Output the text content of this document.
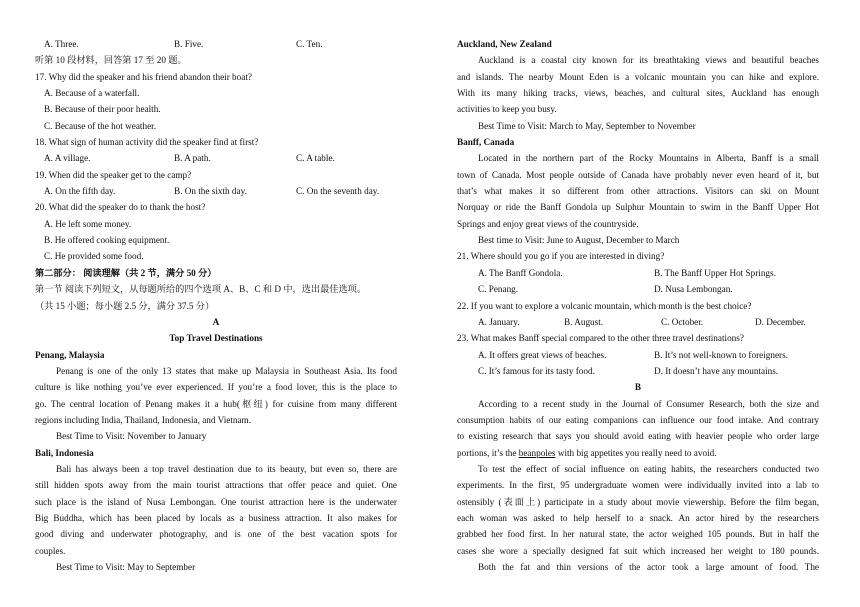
A. Three.	B. Five.	C. Ten.
听第 10 段材料，回答第 17 至 20 题。
17. Why did the speaker and his friend abandon their boat?
A. Because of a waterfall.
B. Because of their poor health.
C. Because of the hot weather.
18. What sign of human activity did the speaker find at first?
A. A village.	B. A path.	C. A table.
19. When did the speaker get to the camp?
A. On the fifth day.	B. On the sixth day.	C. On the seventh day.
20. What did the speaker do to thank the host?
A. He left some money.
B. He offered cooking equipment.
C. He provided some food.
第二部分： 阅读理解（共 2 节，满分 50 分）
第一节 阅读下列短文，从每题所给的四个选项 A、B、C 和 D 中，选出最佳选项。
（共 15 小题；每小题 2.5 分，满分 37.5 分）
A
Top Travel Destinations
Penang, Malaysia
Penang is one of the only 13 states that make up Malaysia in Southeast Asia. Its food
culture is like nothing you’ve ever experienced. If you’re a food lover, this is the place to
go. The central location of Penang makes it a hub(枢纽) for cuisine from many different
regions including India, Thailand, Indonesia, and Vietnam.
Best Time to Visit: November to January
Bali, Indonesia
Bali has always been a top travel destination due to its beauty, but even so, there are
still hidden spots away from the main tourist attractions that offer peace and quiet. One
such place is the island of Nusa Lembongan. One tourist attraction here is the underwater
Big Buddha, which has been placed by locals as a business attraction. It also makes for
good diving and underwater photography, and is one of the best vacation spots for
couples.
Best Time to Visit: May to September
Auckland, New Zealand
Auckland is a coastal city known for its breathtaking views and beautiful beaches
and islands. The nearby Mount Eden is a volcanic mountain you can hike and explore.
With its many hiking tracks, views, beaches, and cultural sites, Auckland has enough
activities to keep you busy.
Best Time to Visit: March to May, September to November
Banff, Canada
Located in the northern part of the Rocky Mountains in Alberta, Banff is a small
town of Canada. Most people outside of Canada have probably never even heard of it, but
that’s what makes it so different from other attractions. Visitors can ski on Mount
Norquay or ride the Banff Gondola up Sulphur Mountain to swim in the Banff Upper Hot
Springs and enjoy great views of the countryside.
Best time to Visit: June to August, December to March
21. Where should you go if you are interested in diving?
A. The Banff Gondola.	B. The Banff Upper Hot Springs.
C. Penang.	D. Nusa Lembongan.
22. If you want to explore a volcanic mountain, which month is the best choice?
A. January.	B. August.	C. October.	D. December.
23. What makes Banff special compared to the other three travel destinations?
A. It offers great views of beaches.	B. It’s not well-known to foreigners.
C. It’s famous for its tasty food.	D. It doesn’t have any mountains.
B
According to a recent study in the Journal of Consumer Research, both the size and
consumption habits of our eating companions can influence our food intake. And contrary
to existing research that says you should avoid eating with heavier people who order large
portions, it’s the beanpoles with big appetites you really need to avoid.
To test the effect of social influence on eating habits, the researchers conducted two
experiments. In the first, 95 undergraduate women were individually invited into a lab to
ostensibly (表面上) participate in a study about movie viewership. Before the film began,
each woman was asked to help herself to a snack. An actor hired by the researchers
grabbed her food first. In her natural state, the actor weighed 105 pounds. But in half the
cases she wore a specially designed fat suit which increased her weight to 180 pounds.
Both the fat and thin versions of the actor took a large amount of food. The
